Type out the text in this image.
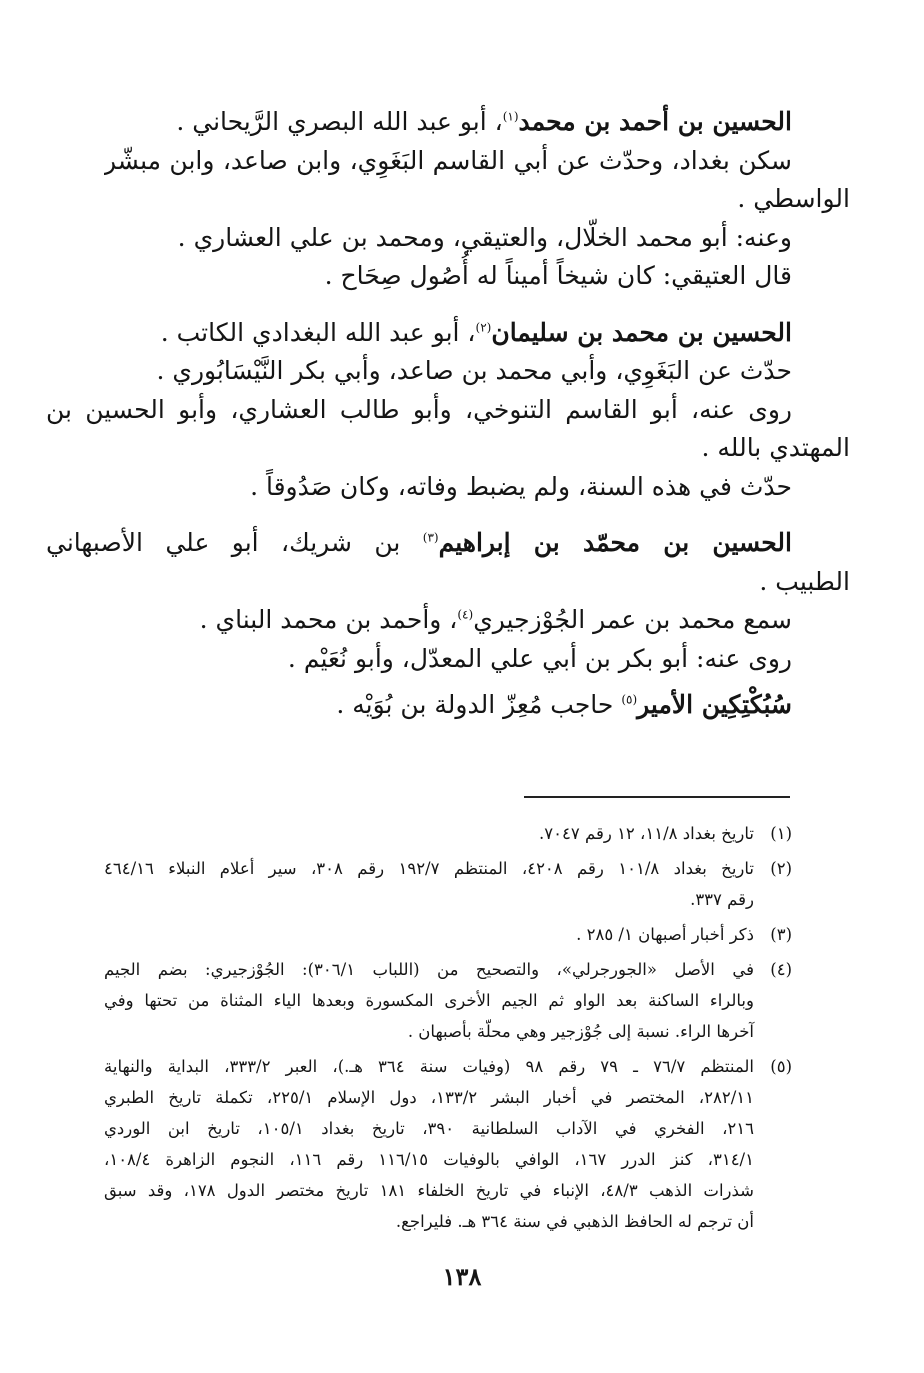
الحسين بن أحمد بن محمد$^{(١)}$، أبو عبد الله البصري الرَّيحاني .
سكن بغداد، وحدّث عن أبي القاسم البَغَوِي، وابن صاعد، وابن مبشّر
الواسطي .
وعنه: أبو محمد الخلّال، والعتيقي، ومحمد بن علي العشاري .
قال العتيقي: كان شيخاً أميناً له أُصُول صِحَاح .
الحسين بن محمد بن سليمان$^{(٢)}$، أبو عبد الله البغدادي الكاتب .
حدّث عن البَغَوِي، وأبي محمد بن صاعد، وأبي بكر النَّيْسَابُوري .
روى عنه، أبو القاسم التنوخي، وأبو طالب العشاري، وأبو الحسين بن
المهتدي بالله .
حدّث في هذه السنة، ولم يضبط وفاته، وكان صَدُوقاً .
الحسين بن محمّد بن إبراهيم$^{(٣)}$ بن شريك، أبو علي الأصبهاني
الطبيب .
سمع محمد بن عمر الجُوْزجيري$^{(٤)}$، وأحمد بن محمد البناي .
روى عنه: أبو بكر بن أبي علي المعدّل، وأبو نُعَيْم .
سُبُكْتِكِين الأمير$^{(٥)}$ حاجب مُعِزّ الدولة بن بُوَيْه .
(١)
تاريخ بغداد ١١/٨، ١٢ رقم ٧٠٤٧.
(٢)
تاريخ بغداد ١٠١/٨ رقم ٤٢٠٨، المنتظم ١٩٢/٧ رقم ٣٠٨، سير أعلام النبلاء ٤٦٤/١٦
رقم ٣٣٧.
(٣)
ذكر أخبار أصبهان ١/ ٢٨٥ .
(٤)
في الأصل «الجورجرلي»، والتصحيح من (اللباب ٣٠٦/١): الجُوْزجيري: بضم الجيم
وبالراء الساكنة بعد الواو ثم الجيم الأخرى المكسورة وبعدها الياء المثناة من تحتها وفي
آخرها الراء. نسبة إلى جُوْزجير وهي محلّة بأصبهان .
(٥)
المنتظم ٧٦/٧ ـ ٧٩ رقم ٩٨ (وفيات سنة ٣٦٤ هـ.)، العبر ٣٣٣/٢، البداية والنهاية
٢٨٢/١١، المختصر في أخبار البشر ١٣٣/٢، دول الإسلام ٢٢٥/١، تكملة تاريخ الطبري
٢١٦، الفخري في الآداب السلطانية ٣٩٠، تاريخ بغداد ١٠٥/١، تاريخ ابن الوردي
٣١٤/١، كنز الدرر ١٦٧، الوافي بالوفيات ١١٦/١٥ رقم ١١٦، النجوم الزاهرة ١٠٨/٤،
شذرات الذهب ٤٨/٣، الإنباء في تاريخ الخلفاء ١٨١ تاريخ مختصر الدول ١٧٨، وقد سبق
أن ترجم له الحافظ الذهبي في سنة ٣٦٤ هـ. فليراجع.
١٣٨
